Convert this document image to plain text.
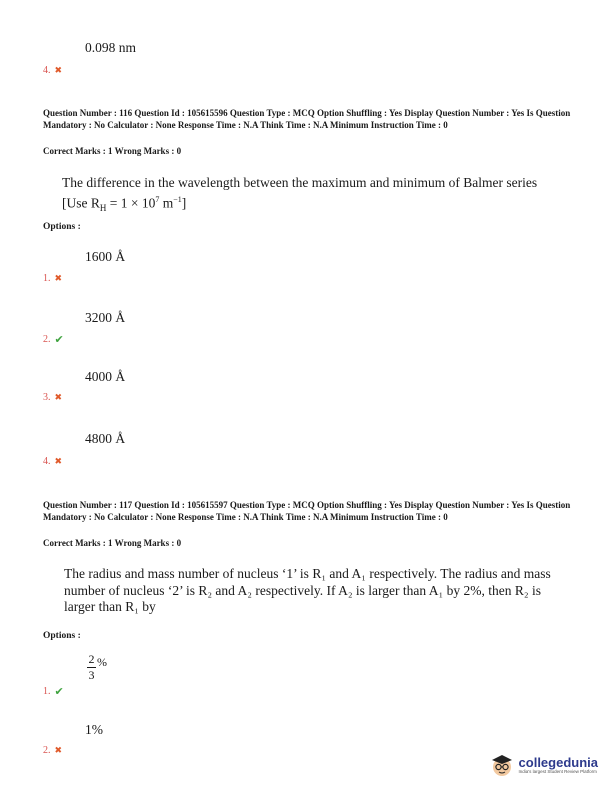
0.098 nm
4. ✖
Question Number : 116 Question Id : 105615596 Question Type : MCQ Option Shuffling : Yes Display Question Number : Yes Is Question Mandatory : No Calculator : None Response Time : N.A Think Time : N.A Minimum Instruction Time : 0
Correct Marks : 1 Wrong Marks : 0
The difference in the wavelength between the maximum and minimum of Balmer series
[Use $R_H = 1 \times 10^7$ $m^{-1}$]
Options :
1600 Å
1. ✖
3200 Å
2. ✔
4000 Å
3. ✖
4800 Å
4. ✖
Question Number : 117 Question Id : 105615597 Question Type : MCQ Option Shuffling : Yes Display Question Number : Yes Is Question Mandatory : No Calculator : None Response Time : N.A Think Time : N.A Minimum Instruction Time : 0
Correct Marks : 1 Wrong Marks : 0
The radius and mass number of nucleus ‘1’ is R₁ and A₁ respectively. The radius and mass number of nucleus ‘2’ is R₂ and A₂ respectively. If A₂ is larger than A₁ by 2%, then R₂ is larger than R₁ by
Options :
$\frac{2}{3}$ %
1. ✔
1%
2. ✖
collegedunia
India's largest Student Review Platform
